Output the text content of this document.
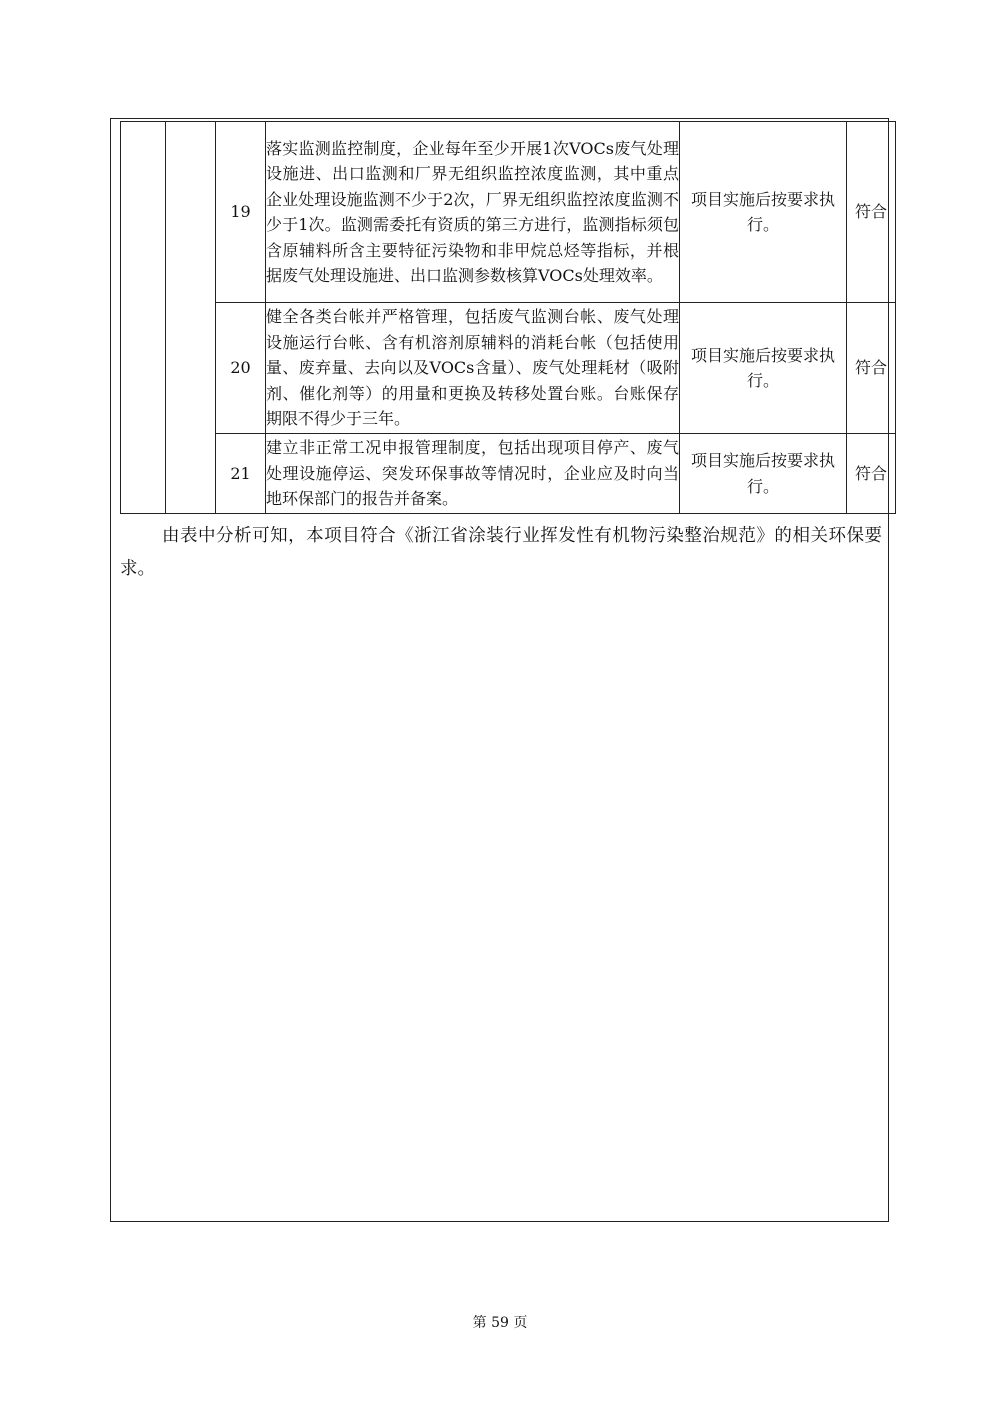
		19	落实监测监控制度，企业每年至少开展1次VOCs废气处理设施进、出口监测和厂界无组织监控浓度监测，其中重点企业处理设施监测不少于2次，厂界无组织监控浓度监测不少于1次。监测需委托有资质的第三方进行，监测指标须包含原辅料所含主要特征污染物和非甲烷总烃等指标，并根据废气处理设施进、出口监测参数核算VOCs处理效率。	项目实施后按要求执行。	符合
		20	健全各类台帐并严格管理，包括废气监测台帐、废气处理设施运行台帐、含有机溶剂原辅料的消耗台帐（包括使用量、废弃量、去向以及VOCs含量）、废气处理耗材（吸附剂、催化剂等）的用量和更换及转移处置台账。台账保存期限不得少于三年。	项目实施后按要求执行。	符合
		21	建立非正常工况申报管理制度，包括出现项目停产、废气处理设施停运、突发环保事故等情况时，企业应及时向当地环保部门的报告并备案。	项目实施后按要求执行。	符合
由表中分析可知，本项目符合《浙江省涂装行业挥发性有机物污染整治规范》的相关环保要求。
第 59 页
